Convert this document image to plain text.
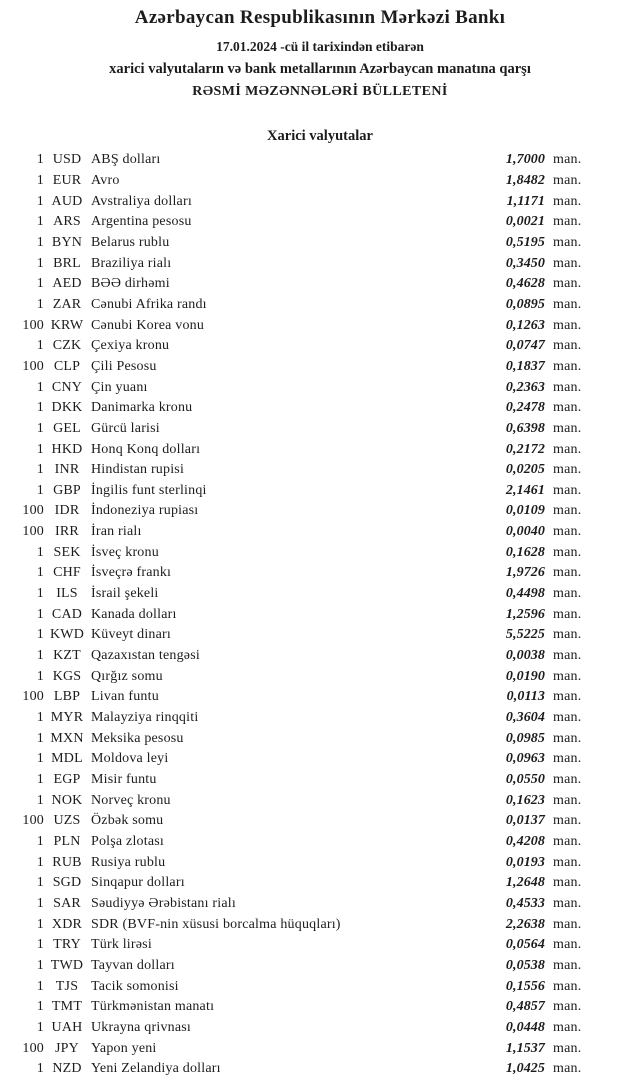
Azərbaycan Respublikasının Mərkəzi Bankı
17.01.2024 -cü il tarixindən etibarən
xarici valyutaların və bank metallarının Azərbaycan manatına qarşı
RƏSMİ MƏZƏNNƏLƏRİ BÜLLETENİ
Xarici valyutalar
1 USD ABŞ dolları	1,7000 man.
1 EUR Avro	1,8482 man.
1 AUD Avstraliya dolları	1,1171 man.
1 ARS Argentina pesosu	0,0021 man.
1 BYN Belarus rublu	0,5195 man.
1 BRL Braziliya rialı	0,3450 man.
1 AED BƏƏ dirhəmi	0,4628 man.
1 ZAR Cənubi Afrika randı	0,0895 man.
100 KRW Cənubi Korea vonu	0,1263 man.
1 CZK Çexiya kronu	0,0747 man.
100 CLP Çili Pesosu	0,1837 man.
1 CNY Çin yuanı	0,2363 man.
1 DKK Danimarka kronu	0,2478 man.
1 GEL Gürcü larisi	0,6398 man.
1 HKD Honq Konq dolları	0,2172 man.
1 INR Hindistan rupisi	0,0205 man.
1 GBP İngilis funt sterlinqi	2,1461 man.
100 IDR İndoneziya rupiası	0,0109 man.
100 IRR İran rialı	0,0040 man.
1 SEK İsveç kronu	0,1628 man.
1 CHF İsveçrə frankı	1,9726 man.
1 ILS İsrail şekeli	0,4498 man.
1 CAD Kanada dolları	1,2596 man.
1 KWD Küveyt dinarı	5,5225 man.
1 KZT Qazaxıstan tengəsi	0,0038 man.
1 KGS Qırğız somu	0,0190 man.
100 LBP Livan funtu	0,0113 man.
1 MYR Malayziya rinqqiti	0,3604 man.
1 MXN Meksika pesosu	0,0985 man.
1 MDL Moldova leyi	0,0963 man.
1 EGP Misir funtu	0,0550 man.
1 NOK Norveç kronu	0,1623 man.
100 UZS Özbək somu	0,0137 man.
1 PLN Polşa zlotası	0,4208 man.
1 RUB Rusiya rublu	0,0193 man.
1 SGD Sinqapur dolları	1,2648 man.
1 SAR Səudiyyə Ərəbistanı rialı	0,4533 man.
1 XDR SDR (BVF-nin xüsusi borcalma hüquqları)	2,2638 man.
1 TRY Türk lirəsi	0,0564 man.
1 TWD Tayvan dolları	0,0538 man.
1 TJS Tacik somonisi	0,1556 man.
1 TMT Türkmənistan manatı	0,4857 man.
1 UAH Ukrayna qrivnası	0,0448 man.
100 JPY Yapon yeni	1,1537 man.
1 NZD Yeni Zelandiya dolları	1,0425 man.
